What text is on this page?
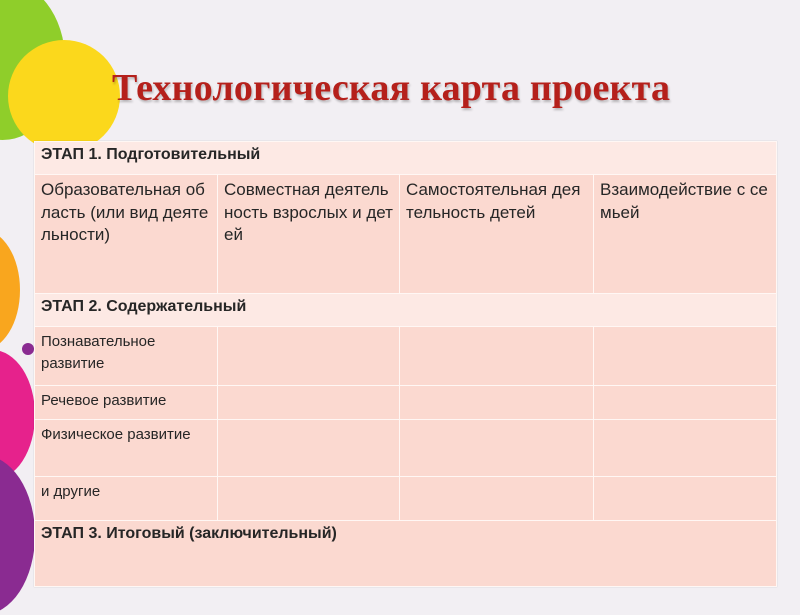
Технологическая карта проекта
ЭТАП 1. Подготовительный			
Образовательная область (или вид деятельности)	Совместная деятельность взрослых и детей	Самостоятельная деятельность детей	Взаимодействие с семьей
ЭТАП 2. Содержательный			
Познавательное развитие			
Речевое развитие			
Физическое развитие			
и другие			
ЭТАП 3. Итоговый (заключительный)			
